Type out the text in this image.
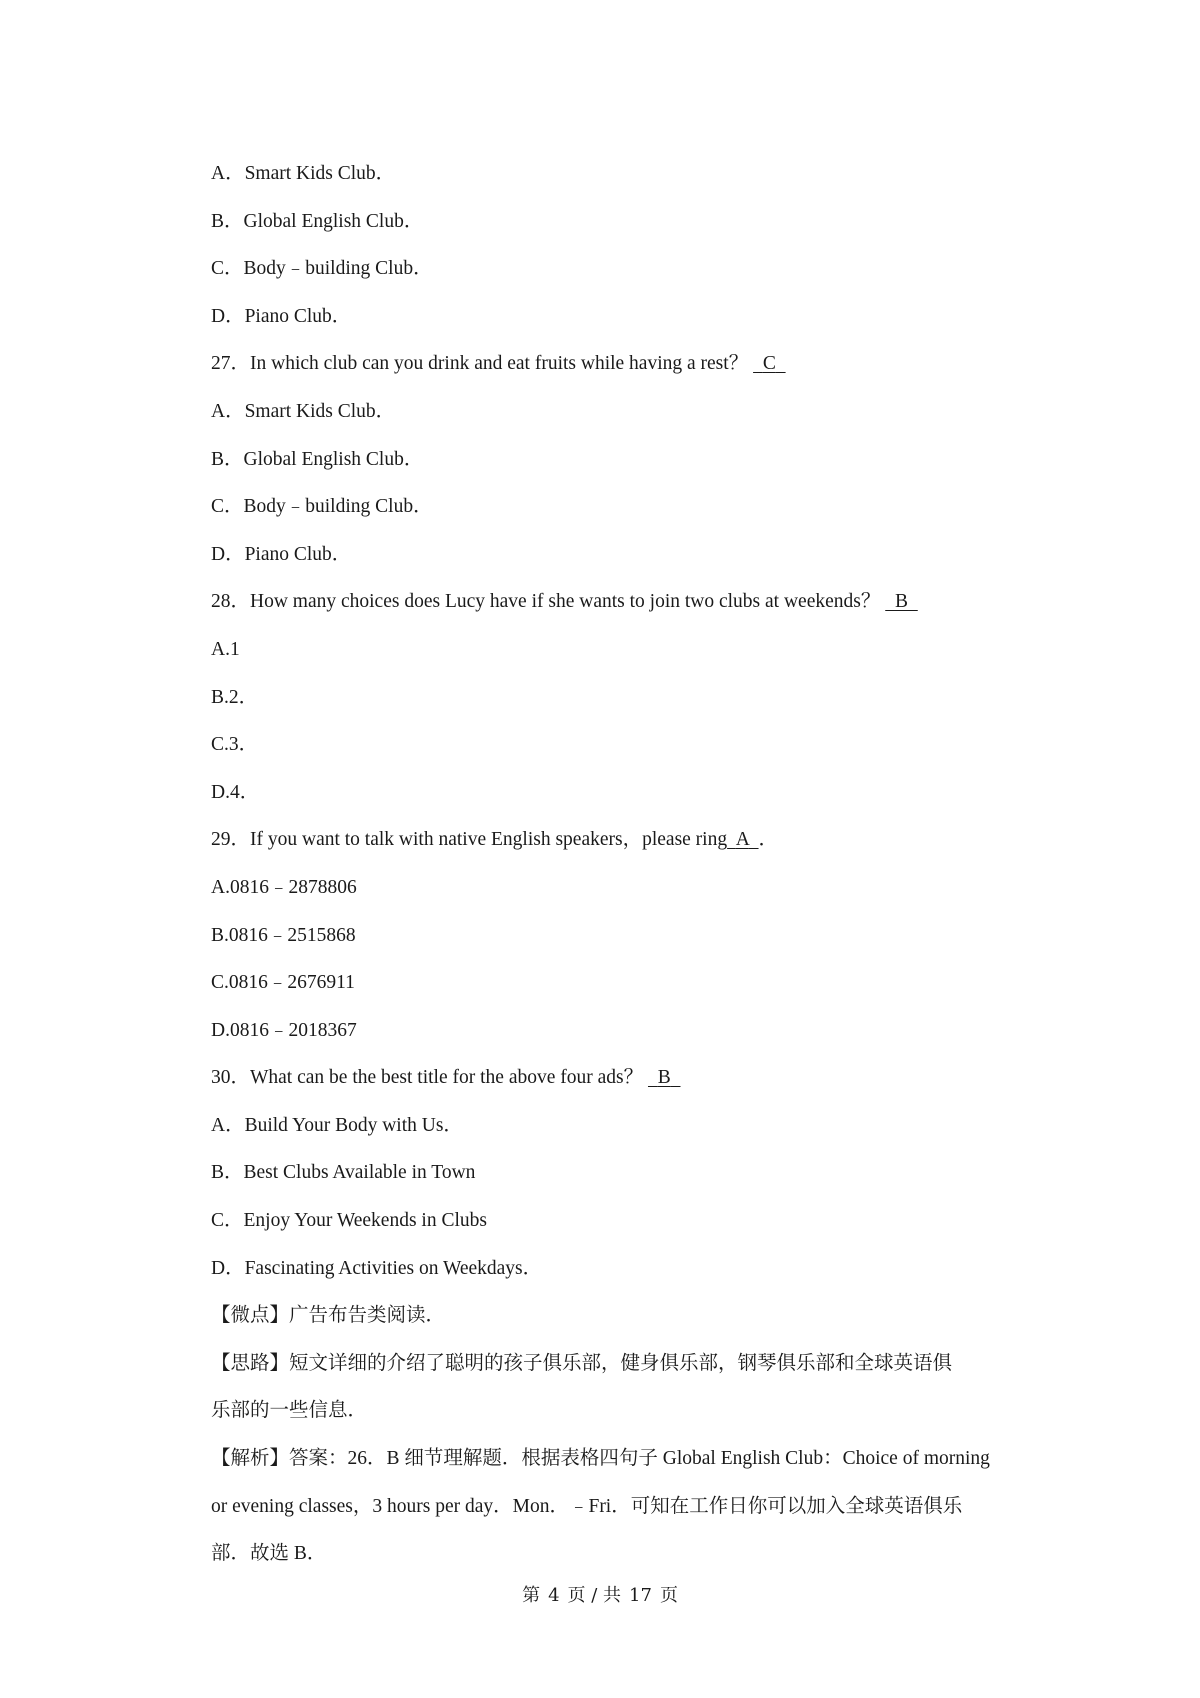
A．Smart Kids Club．
B．Global English Club．
C．Body﹣building Club．
D．Piano Club．
27．In which club can you drink and eat fruits while having a rest？ C
A．Smart Kids Club．
B．Global English Club．
C．Body﹣building Club．
D．Piano Club．
28．How many choices does Lucy have if she wants to join two clubs at weekends？ B
A.1
B.2．
C.3．
D.4．
29．If you want to talk with native English speakers，please ring A ．
A.0816﹣2878806
B.0816﹣2515868
C.0816﹣2676911
D.0816﹣2018367
30．What can be the best title for the above four ads？ B
A．Build Your Body with Us．
B．Best Clubs Available in Town
C．Enjoy Your Weekends in Clubs
D．Fascinating Activities on Weekdays．
【微点】广告布告类阅读．
【思路】短文详细的介绍了聪明的孩子俱乐部，健身俱乐部，钢琴俱乐部和全球英语俱
乐部的一些信息．
【解析】答案：26．B 细节理解题．根据表格四句子 Global English Club：Choice of morning
or evening classes，3 hours per day．Mon．﹣Fri．可知在工作日你可以加入全球英语俱乐
部．故选 B．
第 4 页 / 共 17 页
